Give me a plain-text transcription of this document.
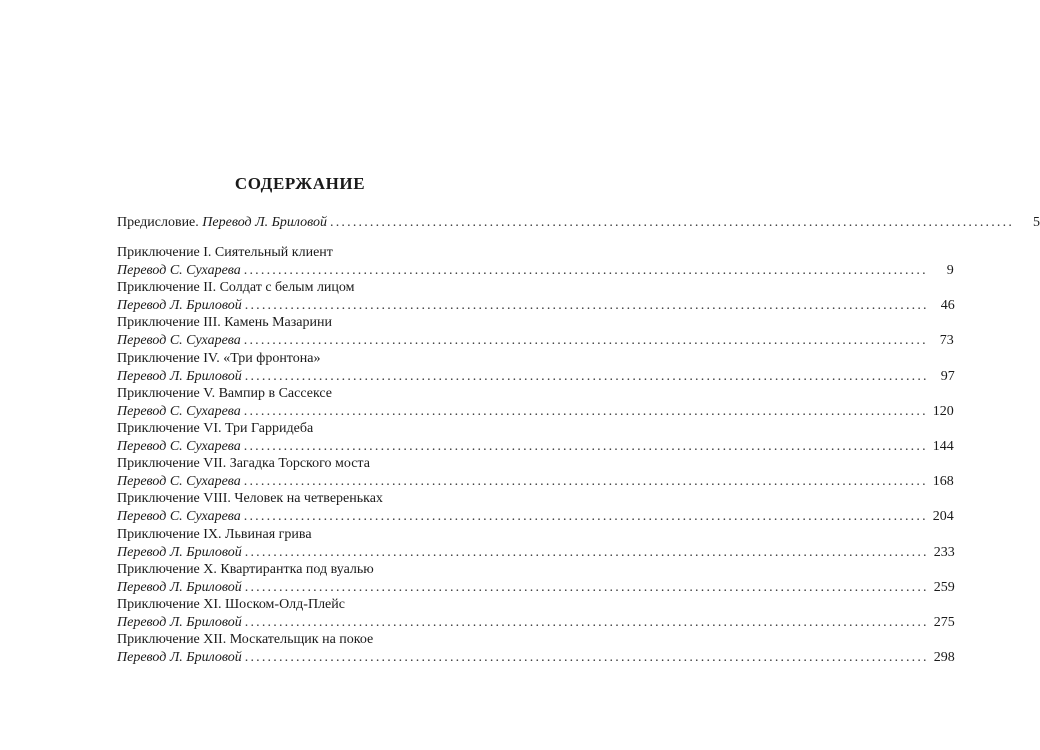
СОДЕРЖАНИЕ
Предисловие. Перевод Л. Бриловой ........................................................................................................................	5
Приключение I. Сиятельный клиент
Перевод С. Сухарева ........................................................................................................................	9
Приключение II. Солдат с белым лицом
Перевод Л. Бриловой ........................................................................................................................ 46
Приключение III. Камень Мазарини
Перевод С. Сухарева ........................................................................................................................ 73
Приключение IV. «Три фронтона»
Перевод Л. Бриловой ........................................................................................................................ 97
Приключение V. Вампир в Сассексе
Перевод С. Сухарева ........................................................................................................................ 120
Приключение VI. Три Гарридеба
Перевод С. Сухарева ........................................................................................................................ 144
Приключение VII. Загадка Торского моста
Перевод С. Сухарева ........................................................................................................................ 168
Приключение VIII. Человек на четвереньках
Перевод С. Сухарева ........................................................................................................................ 204
Приключение IX. Львиная грива
Перевод Л. Бриловой ........................................................................................................................ 233
Приключение X. Квартирантка под вуалью
Перевод Л. Бриловой ........................................................................................................................ 259
Приключение XI. Шоском-Олд-Плейс
Перевод Л. Бриловой ........................................................................................................................ 275
Приключение XII. Москательщик на покое
Перевод Л. Бриловой ........................................................................................................................ 298
